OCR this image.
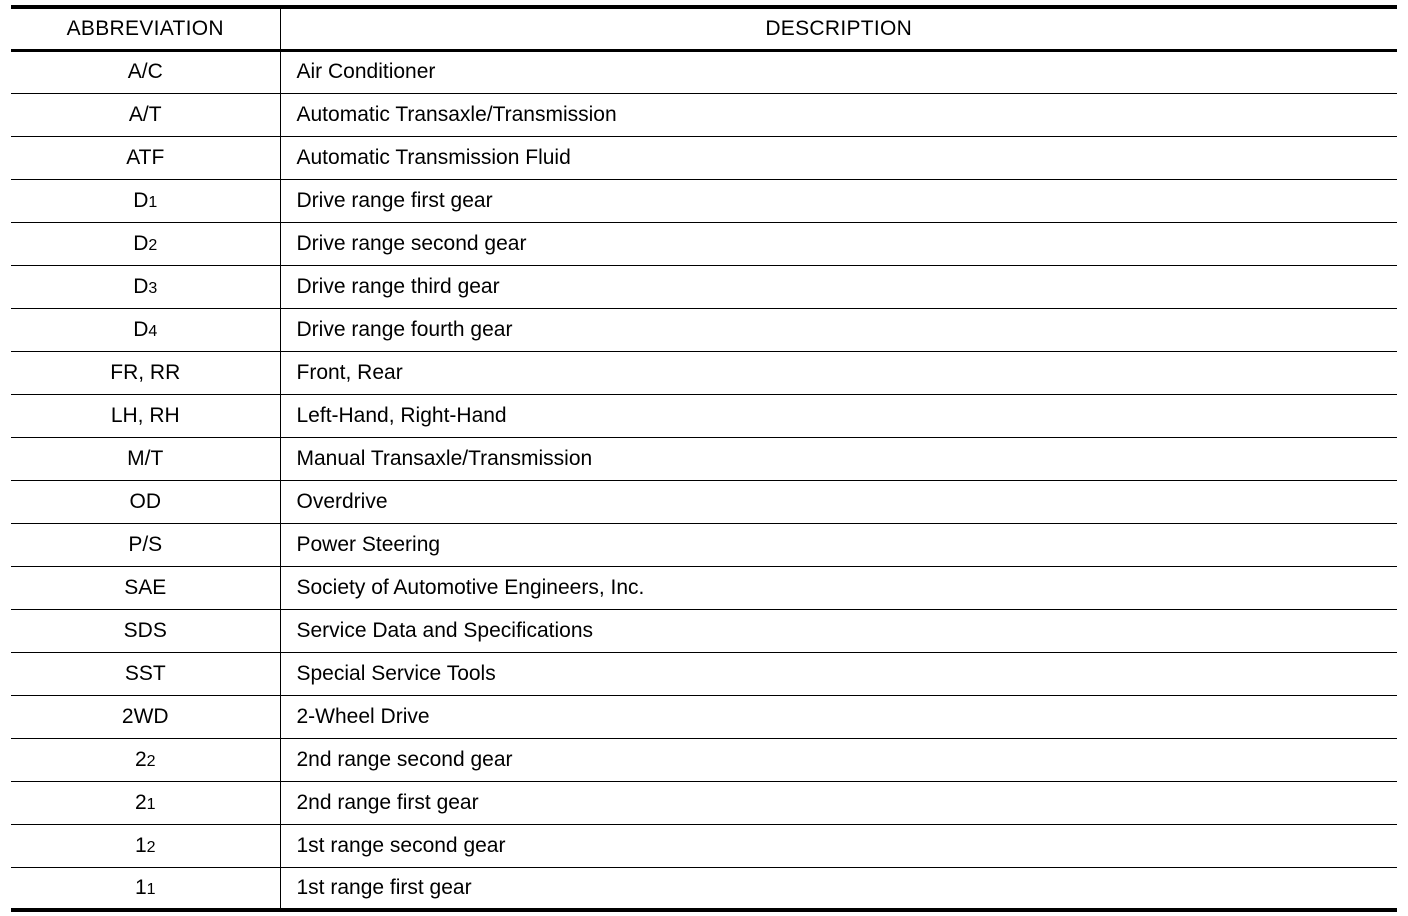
ABBREVIATION	DESCRIPTION
A/C	Air Conditioner
A/T	Automatic Transaxle/Transmission
ATF	Automatic Transmission Fluid
D1	Drive range first gear
D2	Drive range second gear
D3	Drive range third gear
D4	Drive range fourth gear
FR, RR	Front, Rear
LH, RH	Left-Hand, Right-Hand
M/T	Manual Transaxle/Transmission
OD	Overdrive
P/S	Power Steering
SAE	Society of Automotive Engineers, Inc.
SDS	Service Data and Specifications
SST	Special Service Tools
2WD	2-Wheel Drive
22	2nd range second gear
21	2nd range first gear
12	1st range second gear
11	1st range first gear
